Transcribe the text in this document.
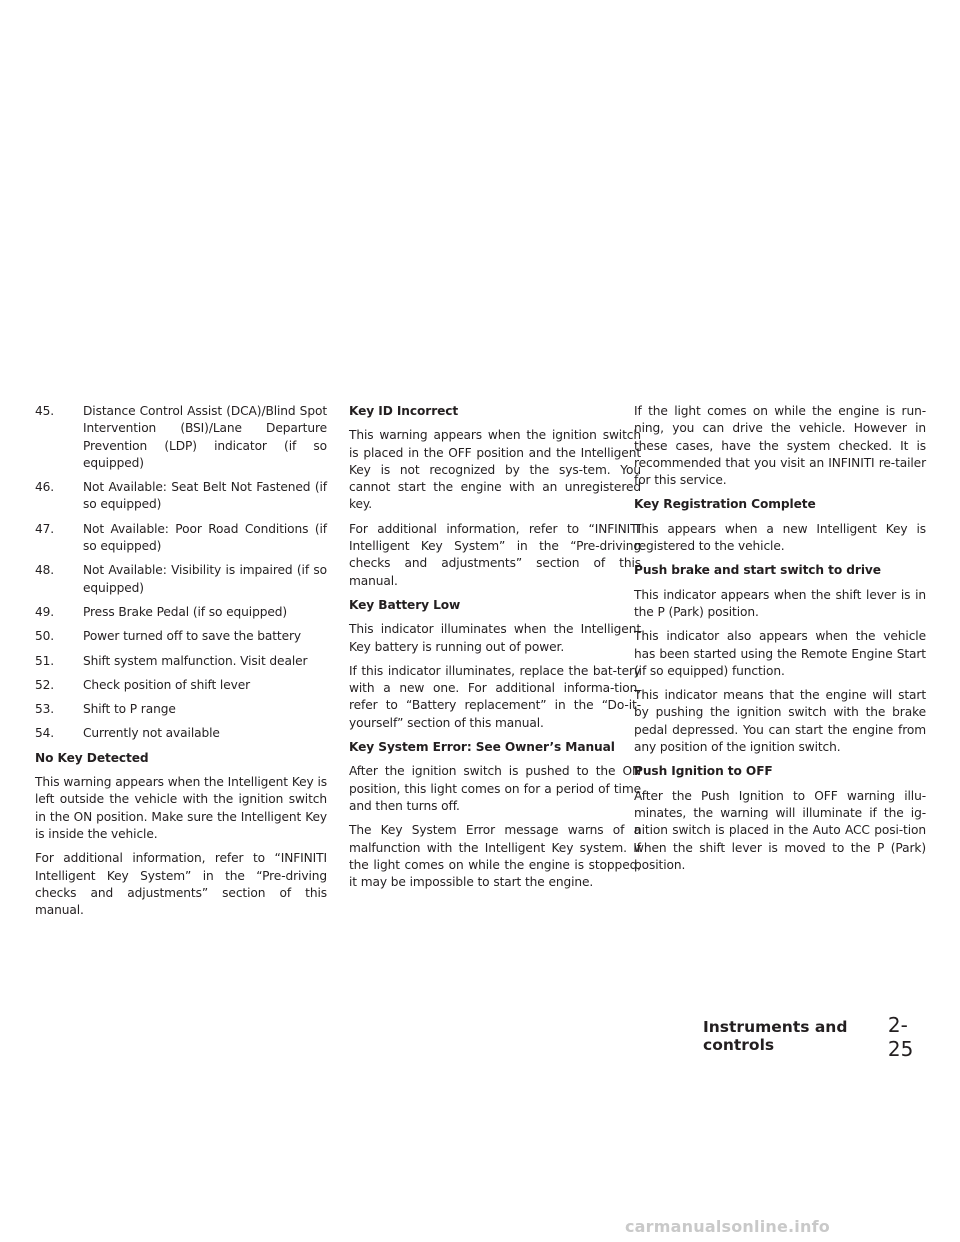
45. Distance Control Assist (DCA)/Blind Spot Intervention (BSI)/Lane Departure Prevention (LDP) indicator (if so equipped)
46. Not Available: Seat Belt Not Fastened (if so equipped)
47. Not Available: Poor Road Conditions (if so equipped)
48. Not Available: Visibility is impaired (if so equipped)
49. Press Brake Pedal (if so equipped)
50. Power turned off to save the battery
51. Shift system malfunction. Visit dealer
52. Check position of shift lever
53. Shift to P range
54. Currently not available
No Key Detected

This warning appears when the Intelligent Key is left outside the vehicle with the ignition switch in the ON position. Make sure the Intelligent Key is inside the vehicle.

For additional information, refer to “INFINITI Intelligent Key System” in the “Pre-driving checks and adjustments” section of this manual.

Key ID Incorrect

This warning appears when the ignition switch is placed in the OFF position and the Intelligent Key is not recognized by the sys-tem. You cannot start the engine with an unregistered key.

For additional information, refer to “INFINITI Intelligent Key System” in the “Pre-driving checks and adjustments” section of this manual.

Key Battery Low

This indicator illuminates when the Intelligent Key battery is running out of power.

If this indicator illuminates, replace the bat-tery with a new one. For additional informa-tion, refer to “Battery replacement” in the “Do-it-yourself” section of this manual.

Key System Error: See Owner’s Manual

After the ignition switch is pushed to the ON position, this light comes on for a period of time and then turns off.

The Key System Error message warns of a malfunction with the Intelligent Key system. If the light comes on while the engine is stopped, it may be impossible to start the engine.

If the light comes on while the engine is run-ning, you can drive the vehicle. However in these cases, have the system checked. It is recommended that you visit an INFINITI re-tailer for this service.

Key Registration Complete

This appears when a new Intelligent Key is registered to the vehicle.

Push brake and start switch to drive

This indicator appears when the shift lever is in the P (Park) position.

This indicator also appears when the vehicle has been started using the Remote Engine Start (if so equipped) function.

This indicator means that the engine will start by pushing the ignition switch with the brake pedal depressed. You can start the engine from any position of the ignition switch.

Push Ignition to OFF

After the Push Ignition to OFF warning illu-minates, the warning will illuminate if the ig-nition switch is placed in the Auto ACC posi-tion when the shift lever is moved to the P (Park) position.

Instruments and controls
2-25
carmanualsonline.info
